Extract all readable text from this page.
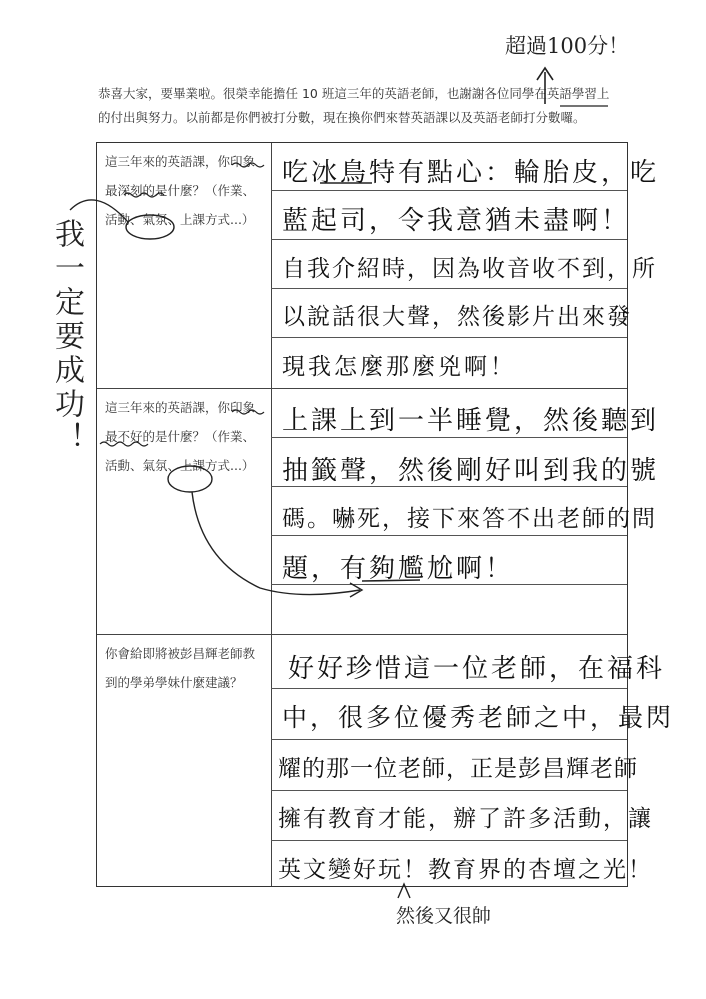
恭喜大家，要畢業啦。很榮幸能擔任 10 班這三年的英語老師，也謝謝各位同學在英語學習上
的付出與努力。以前都是你們被打分數，現在換你們來替英語課以及英語老師打分數囉。
超過100分！
我一定要成功！
然後又很帥
這三年來的英語課，你印象最深刻的是什麼？（作業、活動、氣氛、上課方式...）
這三年來的英語課，你印象最不好的是什麼？（作業、活動、氣氛、上課方式...）
你會給即將被彭昌輝老師教到的學弟學妹什麼建議？
吃冰鳥特有點心：輪胎皮，吃
藍起司，令我意猶未盡啊！
自我介紹時，因為收音收不到，所
以說話很大聲，然後影片出來發
現我怎麼那麼兇啊！
上課上到一半睡覺，然後聽到
抽籤聲，然後剛好叫到我的號
碼。嚇死，接下來答不出老師的問
題，有夠尷尬啊！
好好珍惜這一位老師，在福科
中，很多位優秀老師之中，最閃
耀的那一位老師，正是彭昌輝老師
擁有教育才能，辦了許多活動，讓
英文變好玩！教育界的杏壇之光！
